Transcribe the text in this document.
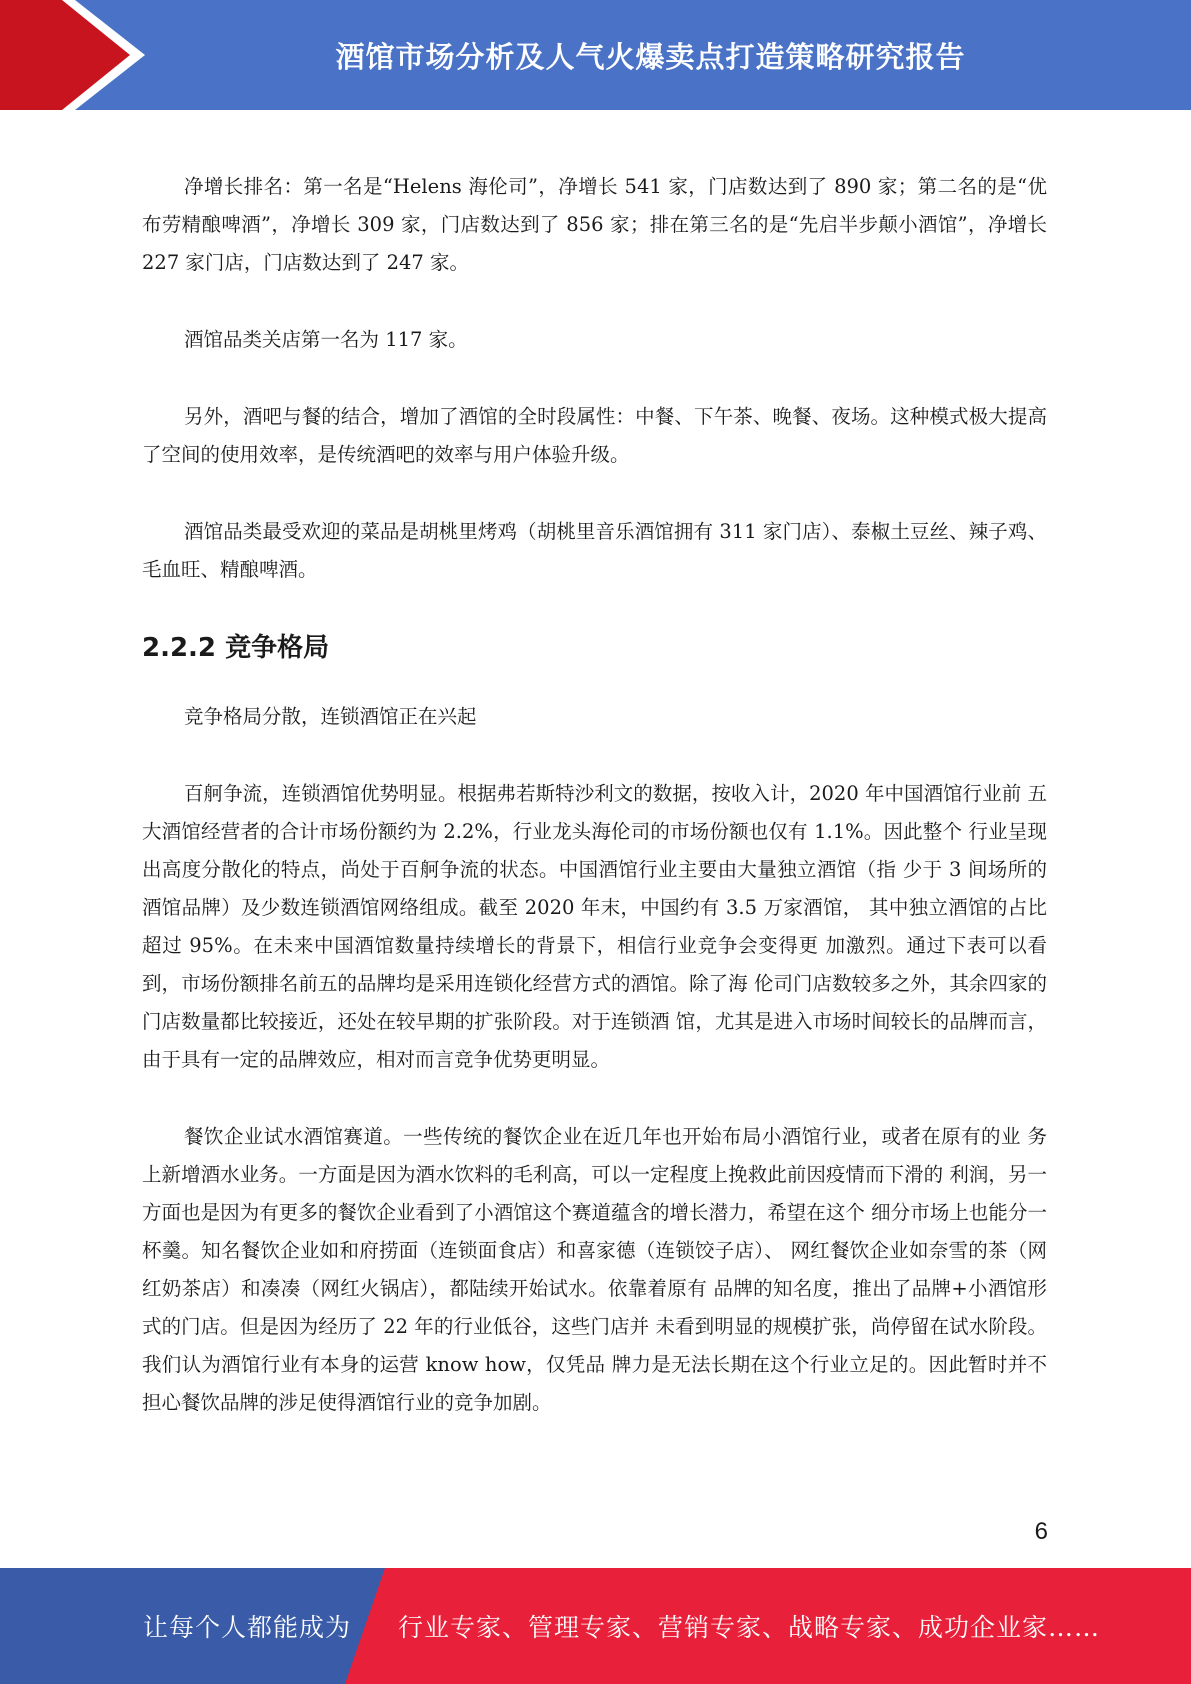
酒馆市场分析及人气火爆卖点打造策略研究报告

净增长排名：第一名是“Helens 海伦司”，净增长 541 家，门店数达到了 890 家；第二名的是“优布劳精酿啤酒”，净增长 309 家，门店数达到了 856 家；排在第三名的是“先启半步颠小酒馆”，净增长 227 家门店，门店数达到了 247 家。

酒馆品类关店第一名为 117 家。

另外，酒吧与餐的结合，增加了酒馆的全时段属性：中餐、下午茶、晚餐、夜场。这种模式极大提高了空间的使用效率，是传统酒吧的效率与用户体验升级。

酒馆品类最受欢迎的菜品是胡桃里烤鸡（胡桃里音乐酒馆拥有 311 家门店）、泰椒土豆丝、辣子鸡、毛血旺、精酿啤酒。

2.2.2 竞争格局

竞争格局分散，连锁酒馆正在兴起

百舸争流，连锁酒馆优势明显。根据弗若斯特沙利文的数据，按收入计，2020 年中国酒馆行业前 五大酒馆经营者的合计市场份额约为 2.2%，行业龙头海伦司的市场份额也仅有 1.1%。因此整个 行业呈现出高度分散化的特点，尚处于百舸争流的状态。中国酒馆行业主要由大量独立酒馆（指 少于 3 间场所的酒馆品牌）及少数连锁酒馆网络组成。截至 2020 年末，中国约有 3.5 万家酒馆， 其中独立酒馆的占比超过 95%。在未来中国酒馆数量持续增长的背景下，相信行业竞争会变得更 加激烈。通过下表可以看到，市场份额排名前五的品牌均是采用连锁化经营方式的酒馆。除了海 伦司门店数较多之外，其余四家的门店数量都比较接近，还处在较早期的扩张阶段。对于连锁酒 馆，尤其是进入市场时间较长的品牌而言，由于具有一定的品牌效应，相对而言竞争优势更明显。

餐饮企业试水酒馆赛道。一些传统的餐饮企业在近几年也开始布局小酒馆行业，或者在原有的业 务上新增酒水业务。一方面是因为酒水饮料的毛利高，可以一定程度上挽救此前因疫情而下滑的 利润，另一方面也是因为有更多的餐饮企业看到了小酒馆这个赛道蕴含的增长潜力，希望在这个 细分市场上也能分一杯羹。知名餐饮企业如和府捞面（连锁面食店）和喜家德（连锁饺子店）、 网红餐饮企业如奈雪的茶（网红奶茶店）和凑凑（网红火锅店），都陆续开始试水。依靠着原有 品牌的知名度，推出了品牌+小酒馆形式的门店。但是因为经历了 22 年的行业低谷，这些门店并 未看到明显的规模扩张，尚停留在试水阶段。我们认为酒馆行业有本身的运营 know how，仅凭品 牌力是无法长期在这个行业立足的。因此暂时并不担心餐饮品牌的涉足使得酒馆行业的竞争加剧。

6
让每个人都能成为 行业专家、管理专家、营销专家、战略专家、成功企业家……
